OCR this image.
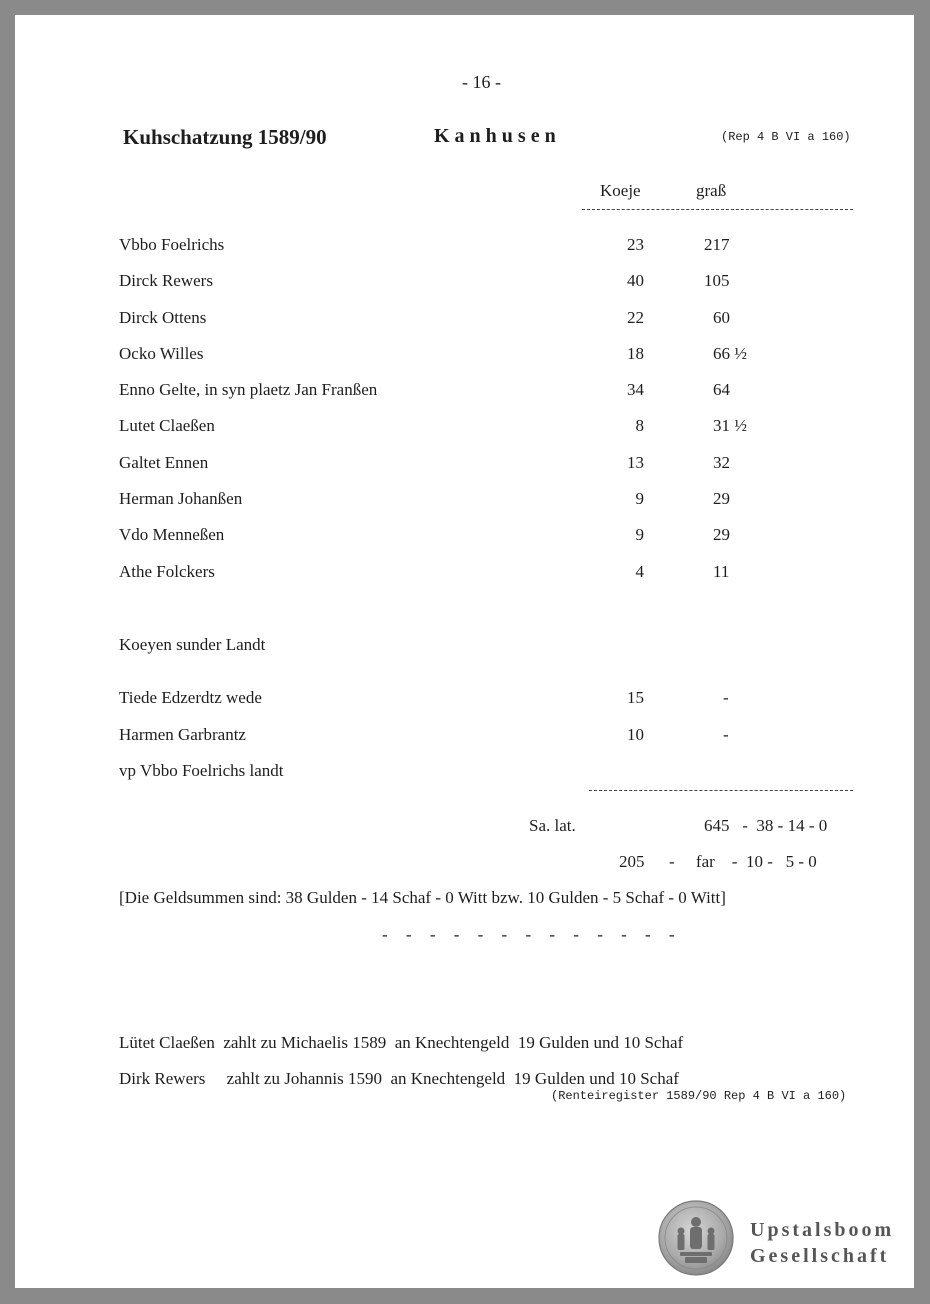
- 16 -
Kuhschatzung 1589/90	Kanhusen	(Rep 4 B VI a 160)
Koeje	graß
Vbbo Foelrichs	23	217
Dirck Rewers	40	105
Dirck Ottens	22	60
Ocko Willes	18	66 ½
Enno Gelte, in syn plaetz Jan Franßen	34	64
Lutet Claeßen	8	31 ½
Galtet Ennen	13	32
Herman Johanßen	9	29
Vdo Menneßen	9	29
Athe Folckers	4	11
Koeyen sunder Landt
Tiede Edzerdtz wede	15	-
Harmen Garbrantz	10	-
vp Vbbo Foelrichs landt
Sa. lat.	645   -  38 - 14 - 0
205 -     far    -  10 -   5 - 0
[Die Geldsummen sind: 38 Gulden - 14 Schaf - 0 Witt bzw. 10 Gulden - 5 Schaf - 0 Witt]
- - - - - - - - - - - - -
Lütet Claeßen  zahlt zu Michaelis 1589  an Knechtengeld  19 Gulden und 10 Schaf
Dirk Rewers     zahlt zu Johannis 1590  an Knechtengeld  19 Gulden und 10 Schaf
(Renteiregister 1589/90 Rep 4 B VI a 160)
Upstalsboom
Gesellschaft
